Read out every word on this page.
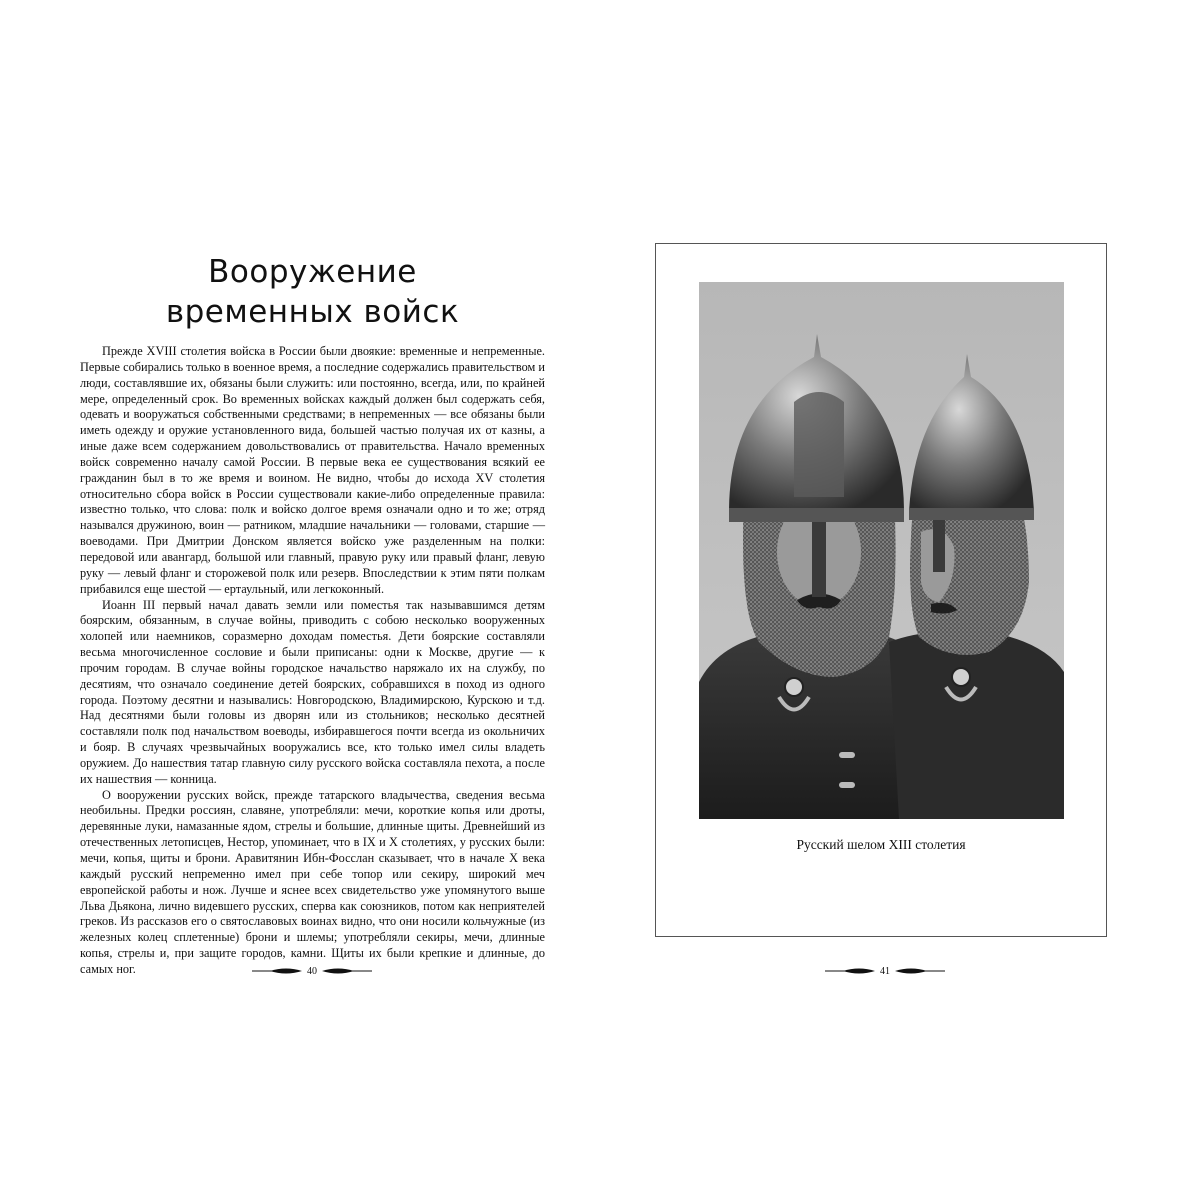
Вооружение
временных войск

Прежде XVIII столетия войска в России были двоякие: временные и непременные. Первые собирались только в военное время, а последние содержались правительством и люди, составлявшие их, обязаны были служить: или постоянно, всегда, или, по крайней мере, определенный срок. Во временных войсках каждый должен был содержать себя, одевать и вооружаться собственными средствами; в непременных — все обязаны были иметь одежду и оружие установленного вида, большей частью получая их от казны, а иные даже всем содержанием довольствовались от правительства. Начало временных войск современно началу самой России. В первые века ее существования всякий ее гражданин был в то же время и воином. Не видно, чтобы до исхода XV столетия относительно сбора войск в России существовали какие-либо определенные правила: известно только, что слова: полк и войско долгое время означали одно и то же; отряд назывался дружиною, воин — ратником, младшие начальники — головами, старшие — воеводами. При Дмитрии Донском является войско уже разделенным на полки: передовой или авангард, большой или главный, правую руку или правый фланг, левую руку — левый фланг и сторожевой полк или резерв. Впоследствии к этим пяти полкам прибавился еще шестой — ертаульный, или легкоконный.

Иоанн III первый начал давать земли или поместья так называвшимся детям боярским, обязанным, в случае войны, приводить с собою несколько вооруженных холопей или наемников, соразмерно доходам поместья. Дети боярские составляли весьма многочисленное сословие и были приписаны: одни к Москве, другие — к прочим городам. В случае войны городское начальство наряжало их на службу, по десятиям, что означало соединение детей боярских, собравшихся в поход из одного города. Поэтому десятни и назывались: Новгородскою, Владимирскою, Курскою и т.д. Над десятнями были головы из дворян или из стольников; несколько десятней составляли полк под начальством воеводы, избиравшегося почти всегда из окольничих и бояр. В случаях чрезвычайных вооружались все, кто только имел силы владеть оружием. До нашествия татар главную силу русского войска составляла пехота, а после их нашествия — конница.

О вооружении русских войск, прежде татарского владычества, сведения весьма необильны. Предки россиян, славяне, употребляли: мечи, короткие копья или дроты, деревянные луки, намазанные ядом, стрелы и большие, длинные щиты. Древнейший из отечественных летописцев, Нестор, упоминает, что в IX и X столетиях, у русских были: мечи, копья, щиты и брони. Аравитянин Ибн-Фосслан сказывает, что в начале X века каждый русский непременно имел при себе топор или секиру, широкий меч европейской работы и нож. Лучше и яснее всех свидетельство уже упомянутого выше Льва Дьякона, лично видевшего русских, сперва как союзников, потом как неприятелей греков. Из рассказов его о святославовых воинах видно, что они носили кольчужные (из железных колец сплетенные) брони и шлемы; употребляли секиры, мечи, длинные копья, стрелы и, при защите городов, камни. Щиты их были крепкие и длинные, до самых ног.	40
Русский шелом XIII столетия
41
